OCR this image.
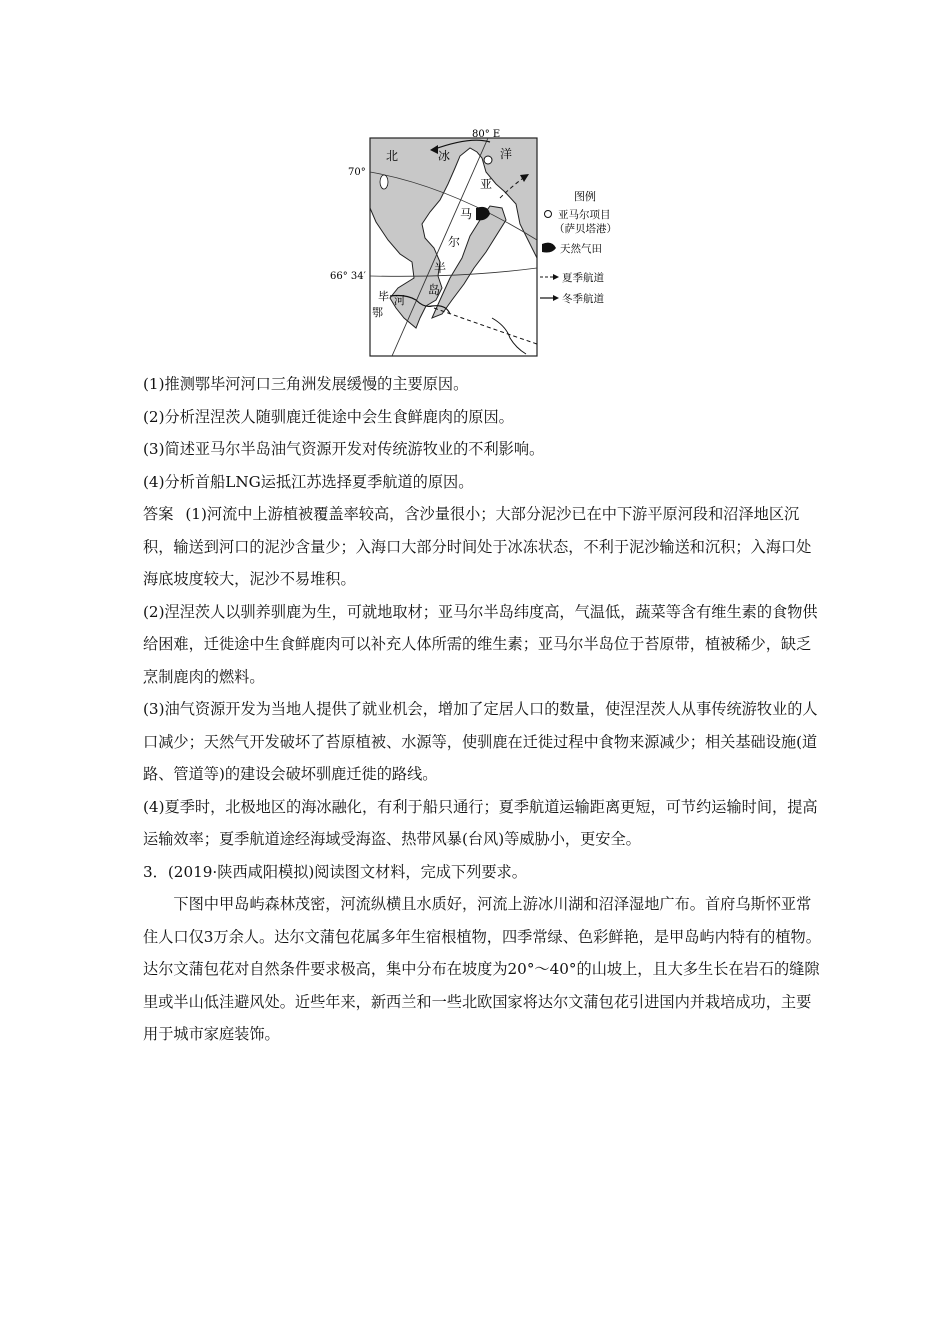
80° E
70°
66° 34′
北	冰	洋
亚
马
尔
半
岛
毕 河
鄂
图例
亚马尔项目
（萨贝塔港）
天然气田
夏季航道
冬季航道

(1)推测鄂毕河河口三角洲发展缓慢的主要原因。

(2)分析涅涅茨人随驯鹿迁徙途中会生食鲜鹿肉的原因。

(3)简述亚马尔半岛油气资源开发对传统游牧业的不利影响。

(4)分析首船LNG运抵江苏选择夏季航道的原因。

答案 (1)河流中上游植被覆盖率较高，含沙量很小；大部分泥沙已在中下游平原河段和沼泽地区沉积，输送到河口的泥沙含量少；入海口大部分时间处于冰冻状态，不利于泥沙输送和沉积；入海口处海底坡度较大，泥沙不易堆积。

(2)涅涅茨人以驯养驯鹿为生，可就地取材；亚马尔半岛纬度高，气温低，蔬菜等含有维生素的食物供给困难，迁徙途中生食鲜鹿肉可以补充人体所需的维生素；亚马尔半岛位于苔原带，植被稀少，缺乏烹制鹿肉的燃料。

(3)油气资源开发为当地人提供了就业机会，增加了定居人口的数量，使涅涅茨人从事传统游牧业的人口减少；天然气开发破坏了苔原植被、水源等，使驯鹿在迁徙过程中食物来源减少；相关基础设施(道路、管道等)的建设会破坏驯鹿迁徙的路线。

(4)夏季时，北极地区的海冰融化，有利于船只通行；夏季航道运输距离更短，可节约运输时间，提高运输效率；夏季航道途经海域受海盗、热带风暴(台风)等威胁小，更安全。

3．(2019·陕西咸阳模拟)阅读图文材料，完成下列要求。

下图中甲岛屿森林茂密，河流纵横且水质好，河流上游冰川湖和沼泽湿地广布。首府乌斯怀亚常住人口仅3万余人。达尔文蒲包花属多年生宿根植物，四季常绿、色彩鲜艳，是甲岛屿内特有的植物。达尔文蒲包花对自然条件要求极高，集中分布在坡度为20°～40°的山坡上，且大多生长在岩石的缝隙里或半山低洼避风处。近些年来，新西兰和一些北欧国家将达尔文蒲包花引进国内并栽培成功，主要用于城市家庭装饰。
